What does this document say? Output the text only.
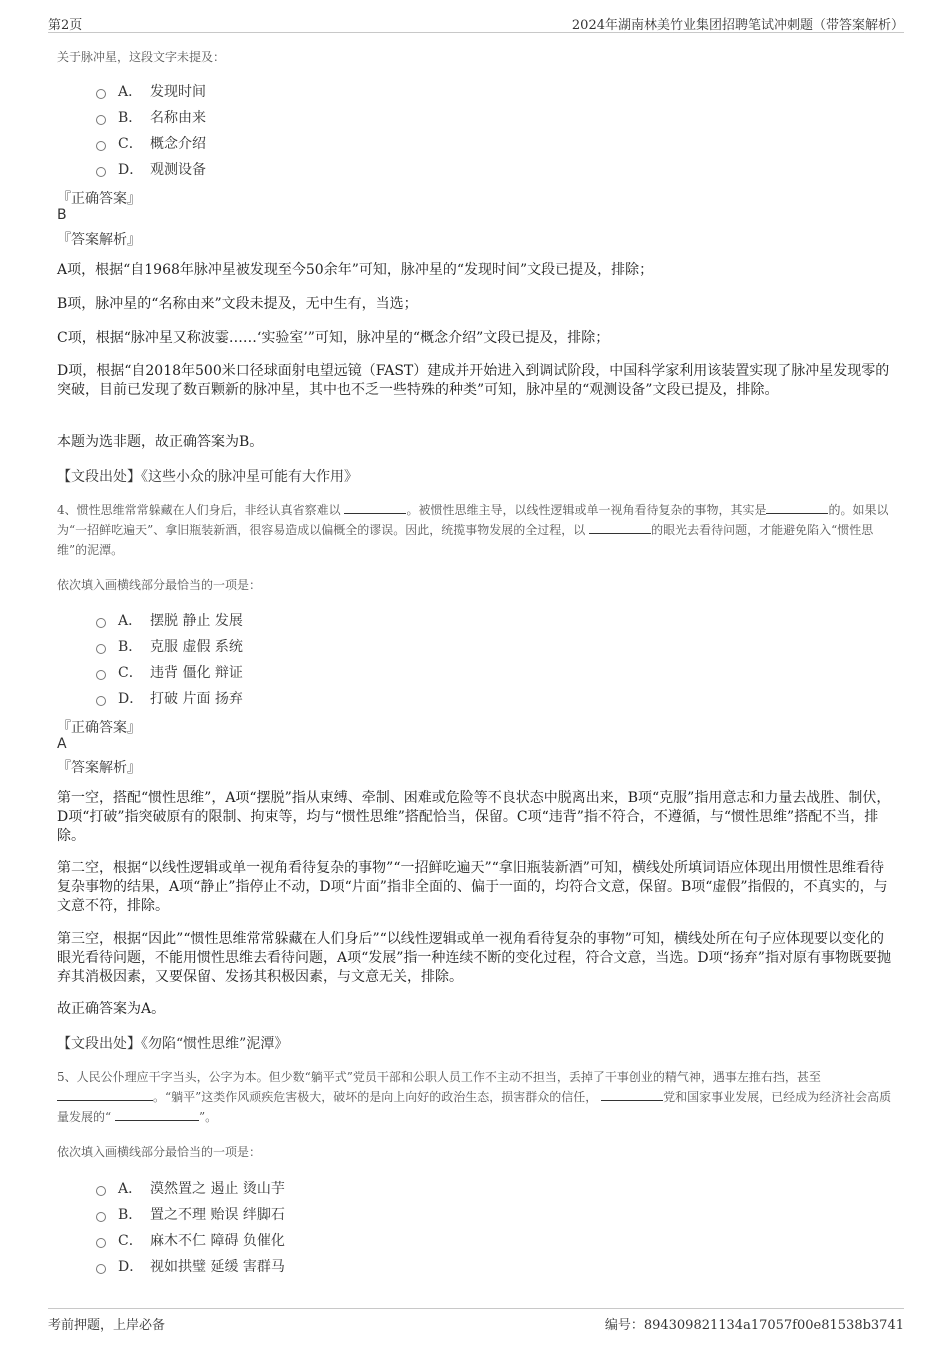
第2页	2024年湖南林美竹业集团招聘笔试冲刺题（带答案解析）
关于脉冲星，这段文字未提及：
A． 发现时间
B． 名称由来
C． 概念介绍
D． 观测设备
『正确答案』
B
『答案解析』
A项，根据“自1968年脉冲星被发现至今50余年”可知，脉冲星的“发现时间”文段已提及，排除；
B项，脉冲星的“名称由来”文段未提及，无中生有，当选；
C项，根据“脉冲星又称波霎……‘实验室’”可知，脉冲星的“概念介绍”文段已提及，排除；
D项，根据“自2018年500米口径球面射电望远镜（FAST）建成并开始进入到调试阶段，中国科学家利用该装置实现了脉冲星发现零的突破，目前已发现了数百颗新的脉冲星，其中也不乏一些特殊的种类”可知，脉冲星的“观测设备”文段已提及，排除。
本题为选非题，故正确答案为B。
【文段出处】《这些小众的脉冲星可能有大作用》
4、惯性思维常常躲藏在人们身后，非经认真省察难以	。被惯性思维主导，以线性逻辑或单一视角看待复杂的事物，其实是	的。如果以为“一招鲜吃遍天”、拿旧瓶装新酒，很容易造成以偏概全的谬误。因此，统揽事物发展的全过程，以	的眼光去看待问题，才能避免陷入“惯性思维”的泥潭。
依次填入画横线部分最恰当的一项是：
A． 摆脱 静止 发展
B． 克服 虚假 系统
C． 违背 僵化 辩证
D． 打破 片面 扬弃
『正确答案』
A
『答案解析』
第一空，搭配“惯性思维”，A项“摆脱”指从束缚、牵制、困难或危险等不良状态中脱离出来，B项“克服”指用意志和力量去战胜、制伏，D项“打破”指突破原有的限制、拘束等，均与“惯性思维”搭配恰当，保留。C项“违背”指不符合，不遵循，与“惯性思维”搭配不当，排除。
第二空，根据“以线性逻辑或单一视角看待复杂的事物”“一招鲜吃遍天”“拿旧瓶装新酒”可知，横线处所填词语应体现出用惯性思维看待复杂事物的结果，A项“静止”指停止不动，D项“片面”指非全面的、偏于一面的，均符合文意，保留。B项“虚假”指假的，不真实的，与文意不符，排除。
第三空，根据“因此”“惯性思维常常躲藏在人们身后”“以线性逻辑或单一视角看待复杂的事物”可知，横线处所在句子应体现要以变化的眼光看待问题，不能用惯性思维去看待问题，A项“发展”指一种连续不断的变化过程，符合文意，当选。D项“扬弃”指对原有事物既要抛弃其消极因素，又要保留、发扬其积极因素，与文意无关，排除。
故正确答案为A。
【文段出处】《勿陷“惯性思维”泥潭》
5、人民公仆理应干字当头，公字为本。但少数“躺平式”党员干部和公职人员工作不主动不担当，丢掉了干事创业的精气神，遇事左推右挡，甚至 。“躺平”这类作风顽疾危害极大，破坏的是向上向好的政治生态，损害群众的信任，	党和国家事业发展，已经成为经济社会高质量发展的“	”。
依次填入画横线部分最恰当的一项是：
A． 漠然置之 遏止 烫山芋
B． 置之不理 贻误 绊脚石
C． 麻木不仁 障碍 负催化
D． 视如拱璧 延缓 害群马
考前押题，上岸必备	编号：894309821134a17057f00e81538b3741
